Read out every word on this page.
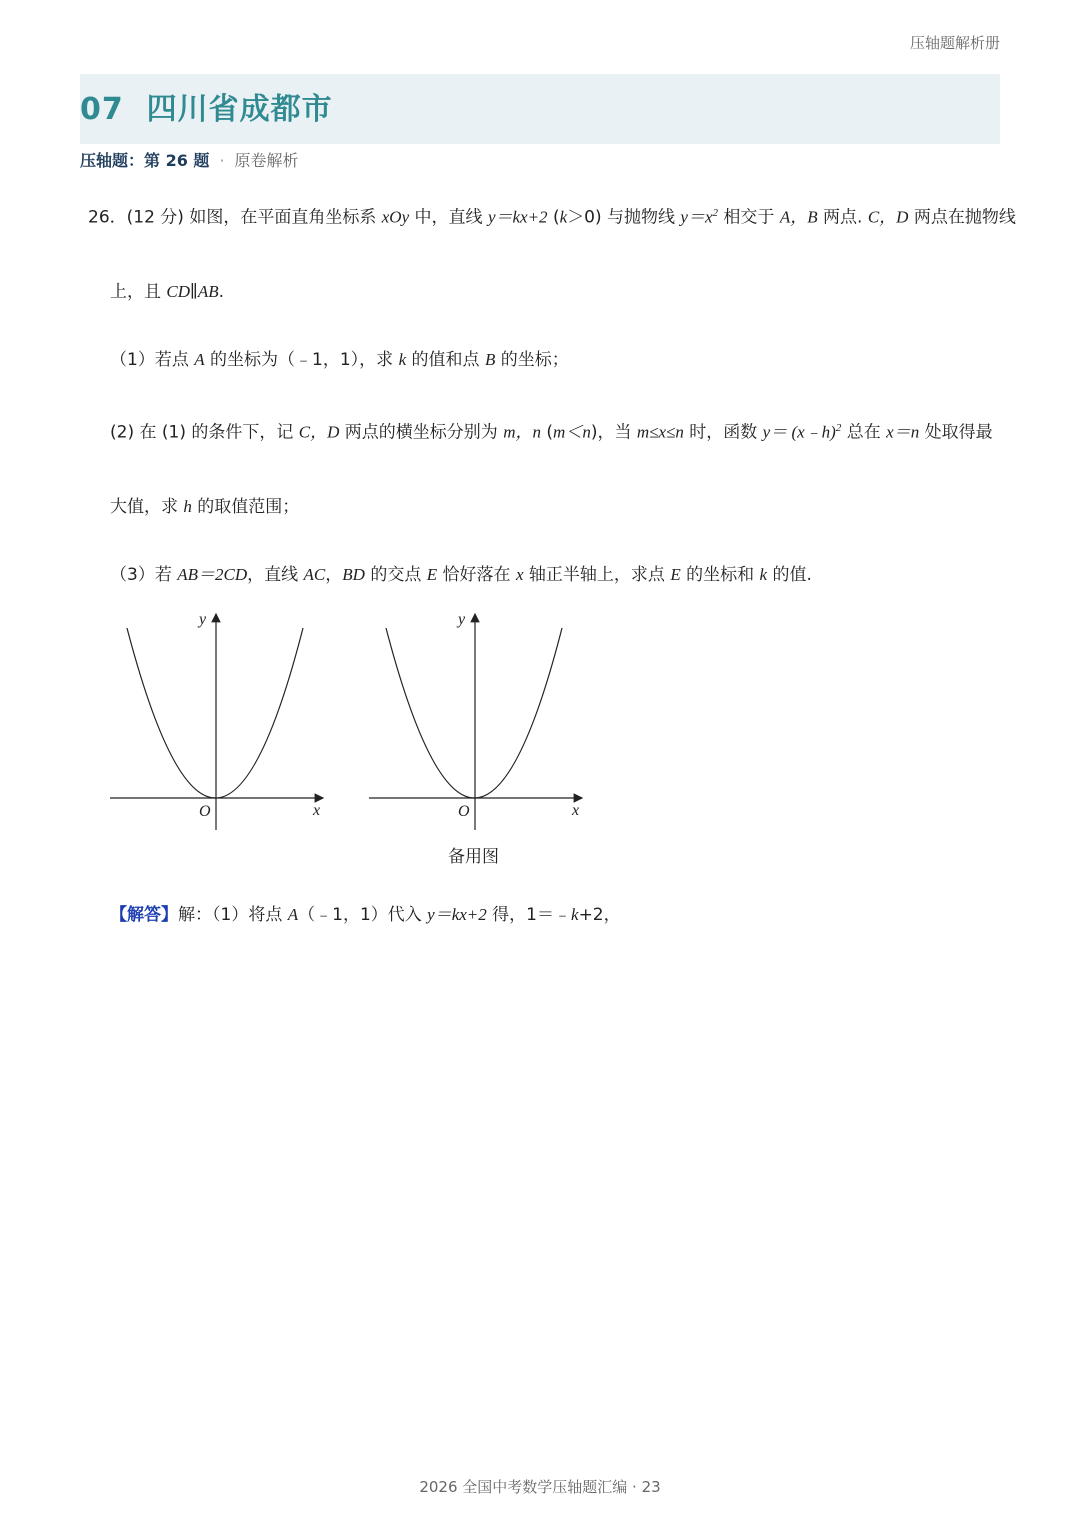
压轴题解析册
07  四川省成都市
压轴题：第 26 题 · 原卷解析
26．(12 分) 如图，在平面直角坐标系 xOy 中，直线 y＝kx+2 (k＞0) 与抛物线 $y=x^2$ 相交于 A，B 两点. C，D 两点在抛物线
上，且 CD∥AB.
（1）若点 A 的坐标为（﹣1，1），求 k 的值和点 B 的坐标；
(2) 在 (1) 的条件下，记 C，D 两点的横坐标分别为 m，n (m＜n)，当 m≤x≤n 时，函数 y＝ (x﹣h)$^2$ 总在 x＝n 处取得最
大值，求 h 的取值范围；
（3）若 AB＝2CD，直线 AC，BD 的交点 E 恰好落在 x 轴正半轴上，求点 E 的坐标和 k 的值.
y
x
O
y
x
O
备用图
【解答】解：（1）将点 A（﹣1，1）代入 y＝kx+2 得，1＝﹣k+2，
2026 全国中考数学压轴题汇编 · 23
